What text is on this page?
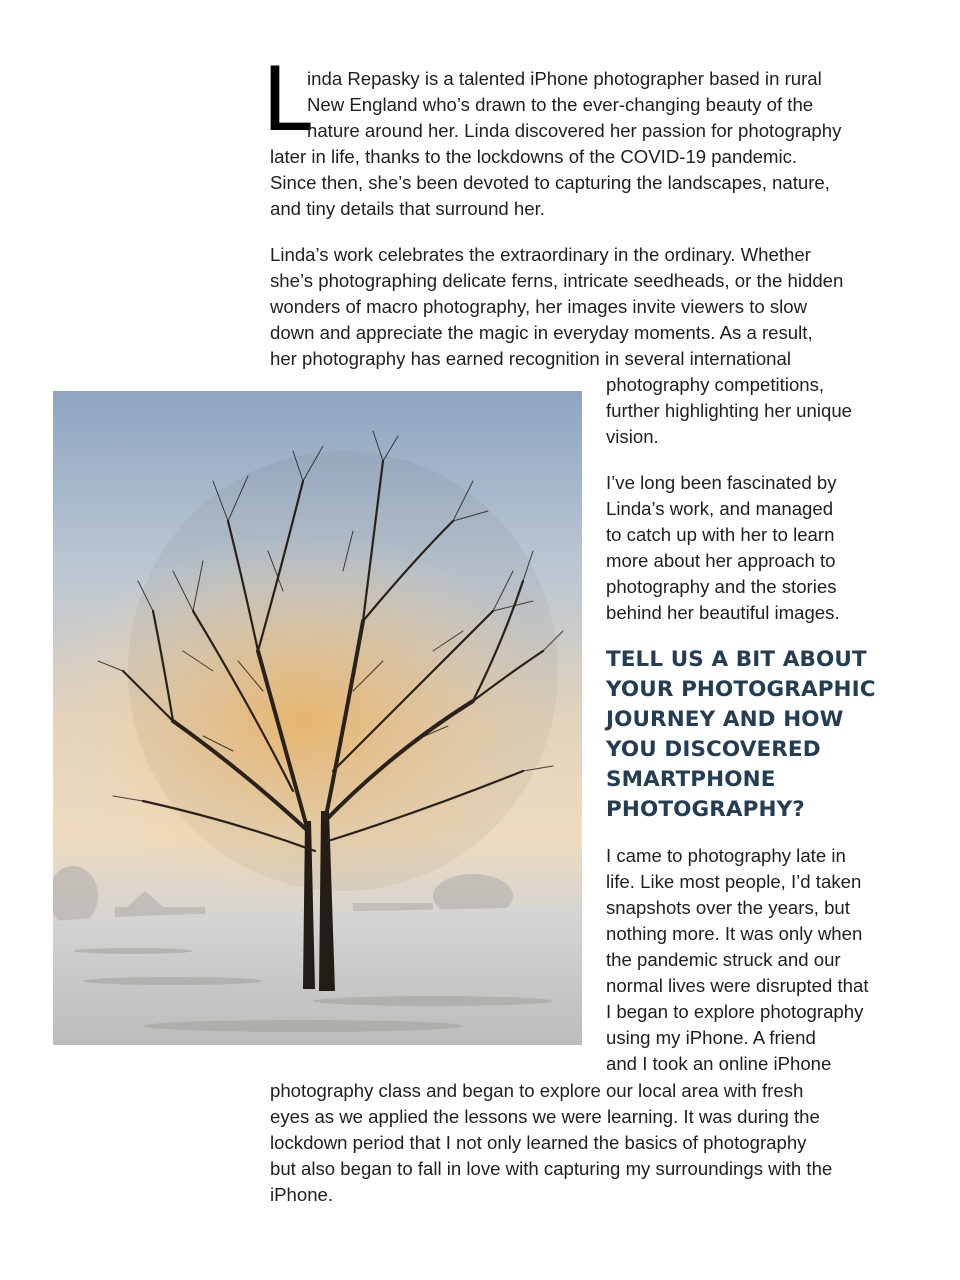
L
inda Repasky is a talented iPhone photographer based in rural
New England who’s drawn to the ever-changing beauty of the
nature around her. Linda discovered her passion for photography
later in life, thanks to the lockdowns of the COVID-19 pandemic.
Since then, she’s been devoted to capturing the landscapes, nature,
and tiny details that surround her.
Linda’s work celebrates the extraordinary in the ordinary. Whether
she’s photographing delicate ferns, intricate seedheads, or the hidden
wonders of macro photography, her images invite viewers to slow
down and appreciate the magic in everyday moments. As a result,
her photography has earned recognition in several international
photography competitions,
further highlighting her unique
vision.
I’ve long been fascinated by
Linda’s work, and managed
to catch up with her to learn
more about her approach to
photography and the stories
behind her beautiful images.
TELL US A BIT ABOUT
YOUR PHOTOGRAPHIC
JOURNEY AND HOW
YOU DISCOVERED
SMARTPHONE
PHOTOGRAPHY?
I came to photography late in
life. Like most people, I’d taken
snapshots over the years, but
nothing more. It was only when
the pandemic struck and our
normal lives were disrupted that
I began to explore photography
using my iPhone. A friend
and I took an online iPhone
photography class and began to explore our local area with fresh
eyes as we applied the lessons we were learning. It was during the
lockdown period that I not only learned the basics of photography
but also began to fall in love with capturing my surroundings with the
iPhone.
